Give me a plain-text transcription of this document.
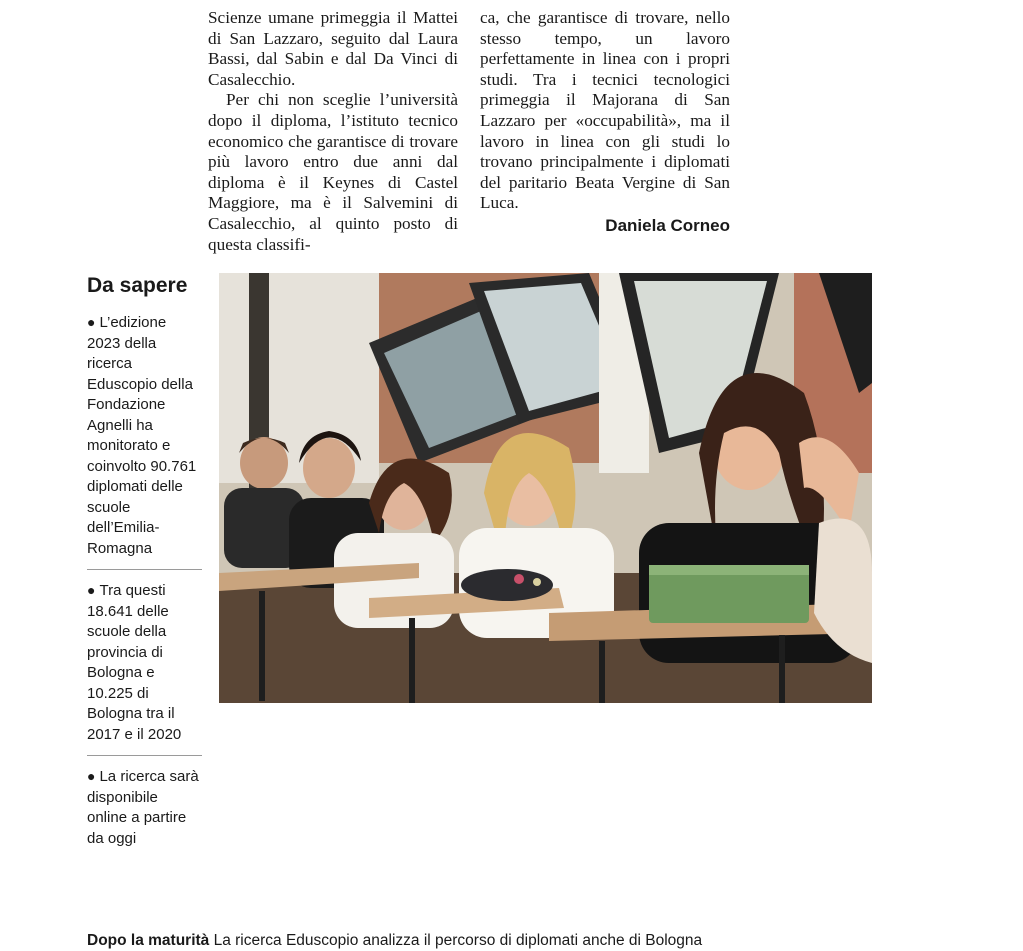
Scienze umane primeggia il Mattei di San Lazzaro, seguito dal Laura Bassi, dal Sabin e dal Da Vinci di Casalecchio.

Per chi non sceglie l’università dopo il diploma, l’istituto tecnico economico che garantisce di trovare più lavoro entro due anni dal diploma è il Keynes di Castel Maggiore, ma è il Salvemini di Casalecchio, al quinto posto di questa classifi-

ca, che garantisce di trovare, nello stesso tempo, un lavoro perfettamente in linea con i propri studi. Tra i tecnici tecnologici primeggia il Majorana di San Lazzaro per «occupabilità», ma il lavoro in linea con gli studi lo trovano principalmente i diplomati del paritario Beata Vergine di San Luca.

Daniela Corneo
Da sapere
● L’edizione 2023 della ricerca Eduscopio della Fondazione Agnelli ha monitorato e coinvolto 90.761 diplomati delle scuole dell’Emilia-Romagna
● Tra questi 18.641 delle scuole della provincia di Bologna e 10.225 di Bologna tra il 2017 e il 2020
● La ricerca sarà disponibile online a partire da oggi
Dopo la maturità La ricerca Eduscopio analizza il percorso di diplomati anche di Bologna
